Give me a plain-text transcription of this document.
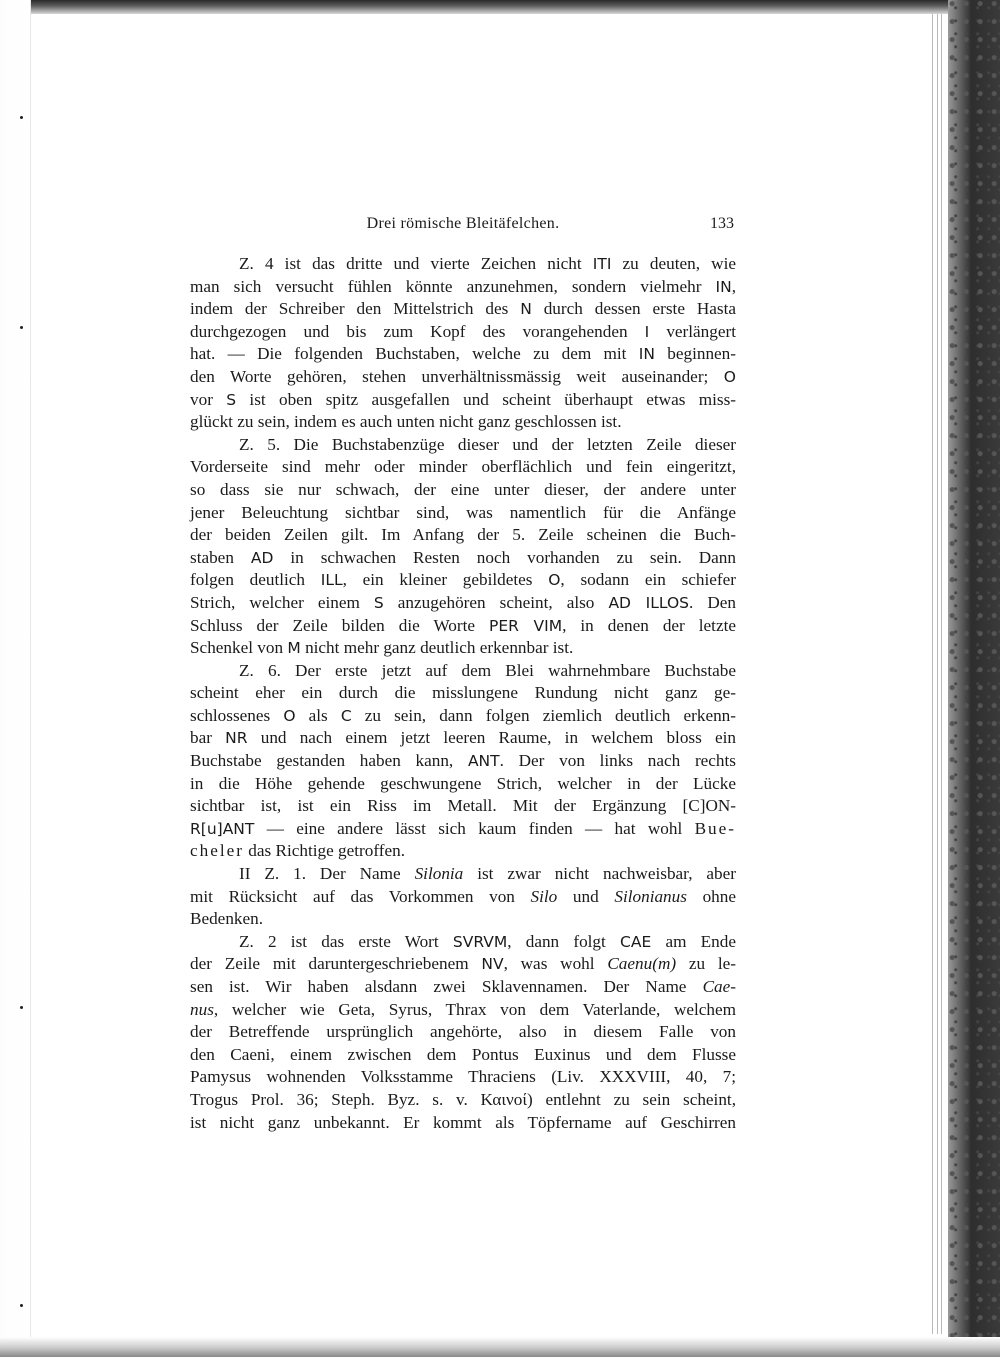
Drei römische Bleitäfelchen.	133

Z. 4 ist das dritte und vierte Zeichen nicht ITI zu deuten, wie

man sich versucht fühlen könnte anzunehmen, sondern vielmehr IN,

indem der Schreiber den Mittelstrich des N durch dessen erste Hasta

durchgezogen und bis zum Kopf des vorangehenden I verlängert

hat. — Die folgenden Buchstaben, welche zu dem mit IN beginnen-

den Worte gehören, stehen unverhältnissmässig weit auseinander; O

vor S ist oben spitz ausgefallen und scheint überhaupt etwas miss-

glückt zu sein, indem es auch unten nicht ganz geschlossen ist.

Z. 5. Die Buchstabenzüge dieser und der letzten Zeile dieser

Vorderseite sind mehr oder minder oberflächlich und fein eingeritzt,

so dass sie nur schwach, der eine unter dieser, der andere unter

jener Beleuchtung sichtbar sind, was namentlich für die Anfänge

der beiden Zeilen gilt. Im Anfang der 5. Zeile scheinen die Buch-

staben AD in schwachen Resten noch vorhanden zu sein. Dann

folgen deutlich ILL, ein kleiner gebildetes O, sodann ein schiefer

Strich, welcher einem S anzugehören scheint, also AD ILLOS. Den

Schluss der Zeile bilden die Worte PER VIM, in denen der letzte

Schenkel von M nicht mehr ganz deutlich erkennbar ist.

Z. 6. Der erste jetzt auf dem Blei wahrnehmbare Buchstabe

scheint eher ein durch die misslungene Rundung nicht ganz ge-

schlossenes O als C zu sein, dann folgen ziemlich deutlich erkenn-

bar NR und nach einem jetzt leeren Raume, in welchem bloss ein

Buchstabe gestanden haben kann, ANT. Der von links nach rechts

in die Höhe gehende geschwungene Strich, welcher in der Lücke

sichtbar ist, ist ein Riss im Metall. Mit der Ergänzung [C]ON-

R[u]ANT — eine andere lässt sich kaum finden — hat wohl Bue-

cheler das Richtige getroffen.

II Z. 1. Der Name Silonia ist zwar nicht nachweisbar, aber

mit Rücksicht auf das Vorkommen von Silo und Silonianus ohne

Bedenken.

Z. 2 ist das erste Wort SVRVM, dann folgt CAE am Ende

der Zeile mit daruntergeschriebenem NV, was wohl Caenu(m) zu le-

sen ist. Wir haben alsdann zwei Sklavennamen. Der Name Cae-

nus, welcher wie Geta, Syrus, Thrax von dem Vaterlande, welchem

der Betreffende ursprünglich angehörte, also in diesem Falle von

den Caeni, einem zwischen dem Pontus Euxinus und dem Flusse

Pamysus wohnenden Volksstamme Thraciens (Liv. XXXVIII, 40, 7;

Trogus Prol. 36; Steph. Byz. s. v. Καινοί) entlehnt zu sein scheint,

ist nicht ganz unbekannt. Er kommt als Töpfername auf Geschirren
